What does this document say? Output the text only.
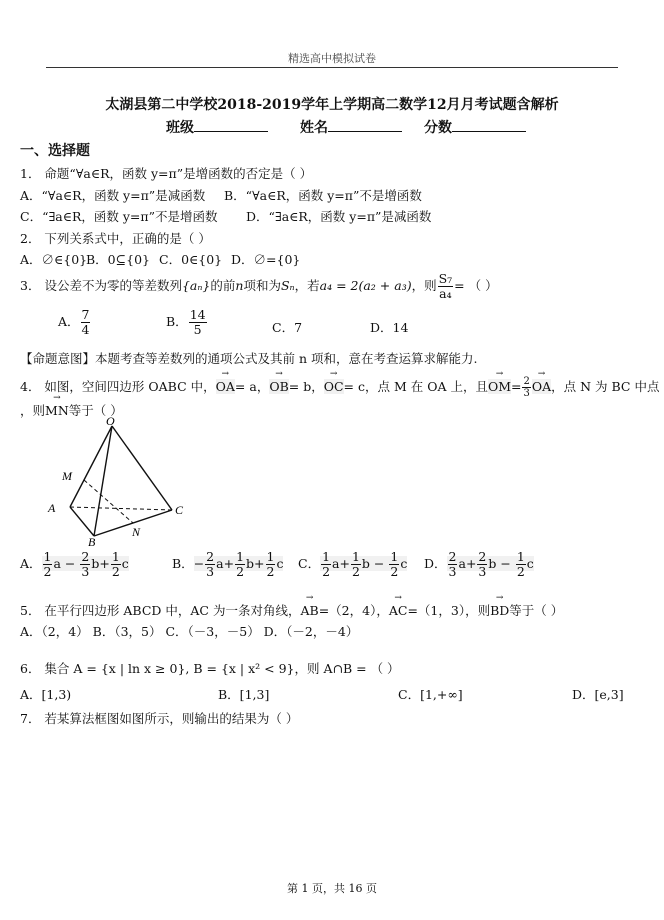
精选高中模拟试卷
太湖县第二中学校2018-2019学年上学期高二数学12月月考试题含解析
班级	姓名	分数
一、选择题
1． 命题“∀a∈R，函数 y=π”是增函数的否定是（ ）
A．“∀a∈R，函数 y=π”是减函数 B．“∀a∈R，函数 y=π”不是增函数
C．“∃a∈R，函数 y=π”不是增函数 D．“∃a∈R，函数 y=π”是减函数
2． 下列关系式中，正确的是（ ）
A．∅∈{0}
B．0⊆{0} C．0∈{0} D．∅={0}
3． 设公差不为零的等差数列{aₙ}的前n项和为Sₙ，若a₄ = 2(a₂ + a₃)，则 $\frac{\text{S₇}}{\text{a₄}}$ = （ ）
A． $\frac{7}{4}$	B． $\frac{14}{5}$	C．7	D．14
【命题意图】本题考查等差数列的通项公式及其前 n 项和，意在考查运算求解能力.
4． 如图，空间四边形 OABC 中，→ OA= a，→ OB= b，→ OC= c，点 M 在 OA 上，且→ $OM= \frac{2}{3}$
→ OA，点 N 为 BC 中点
，则→ MN等于（ ）
O
M
A
B
N
C
A． $\frac{1}{2}$ $a - \frac{2}{3} b+ \frac{1}{2}$ c	B．− $\frac{2}{3} a+ \frac{1}{2} b+ \frac{1}{2}$ c C． $\frac{1}{2} a+ \frac{1}{2}$ $b - \frac{1}{2}$ c D． $\frac{2}{3} a+ \frac{2}{3}$ $b - \frac{1}{2}$ c
5． 在平行四边形 ABCD 中，AC 为一条对角线，→ AB=（2，4），→ AC=（1，3），则→ BD等于（ ）
A．（2，4） B．（3，5） C．（－3，－5） D．（－2，－4）
6． 集合 A = {x | ln x ≥ 0}, B = {x | x² < 9}，则 A∩B = （ ）
A．[1,3)	B．[1,3]	C．[1,+∞]	D．[e,3]
7． 若某算法框图如图所示，则输出的结果为（ ）
第 1 页，共 16 页
